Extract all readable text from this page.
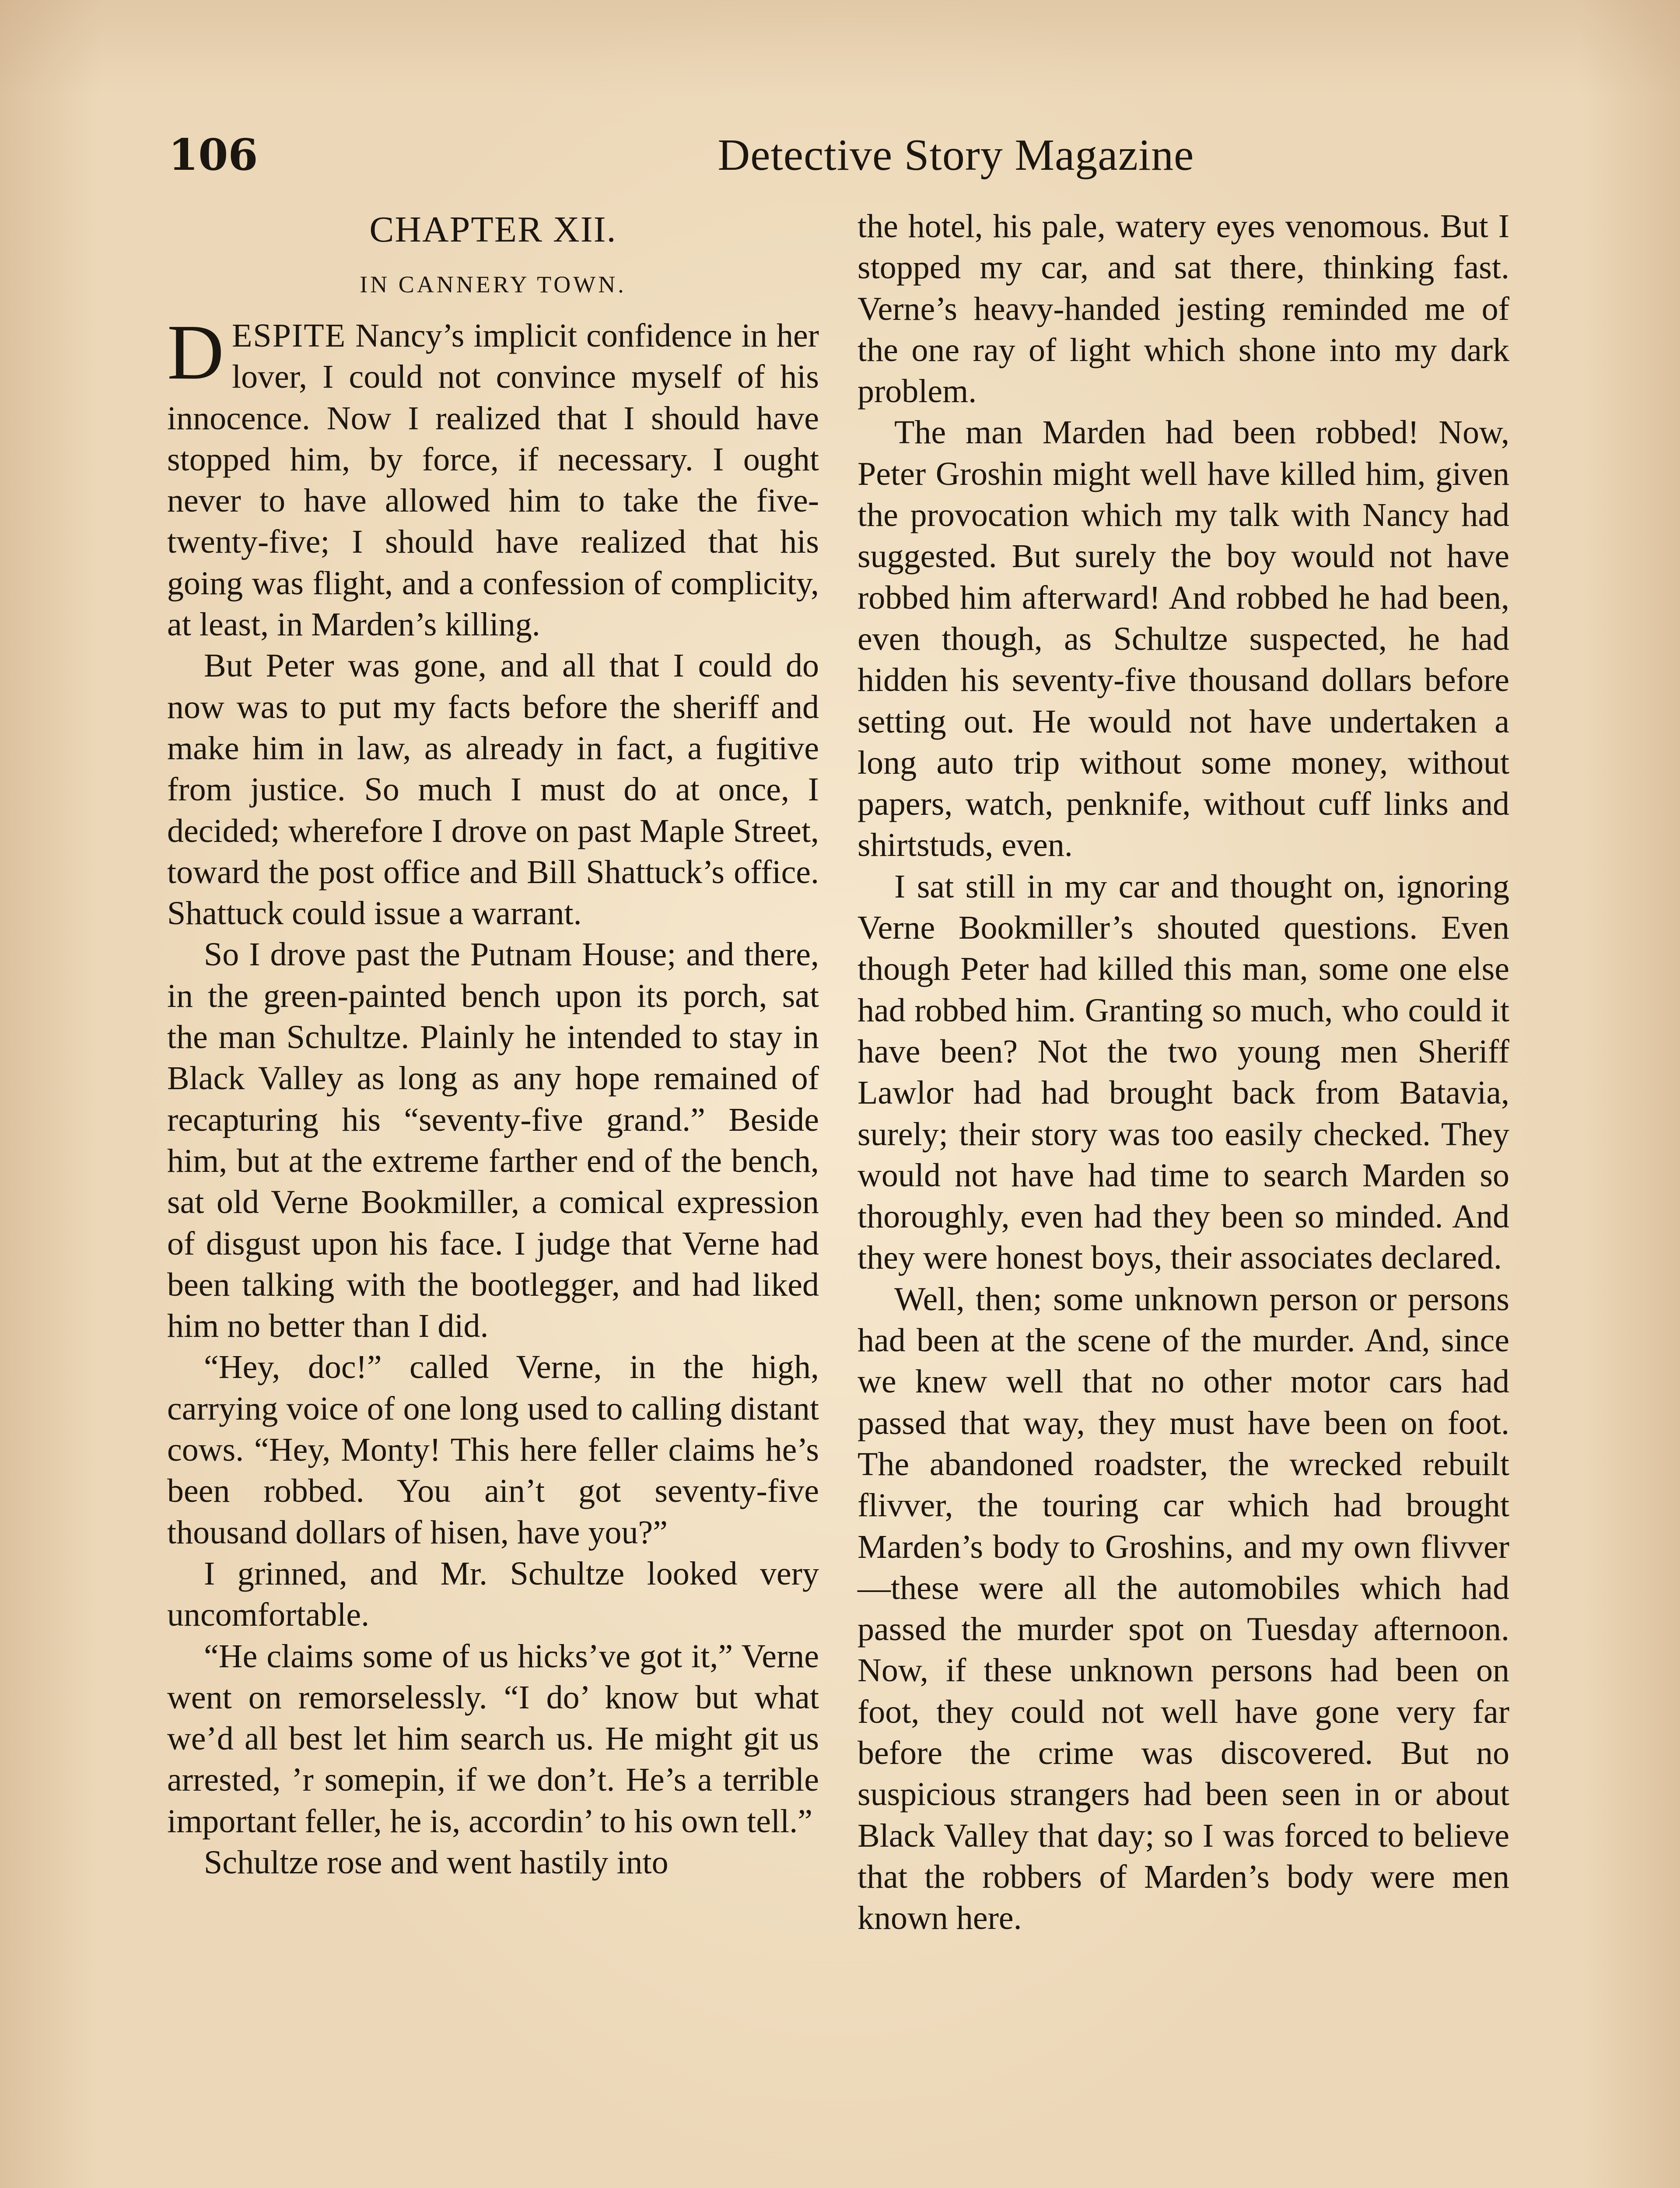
106	Detective Story Magazine
CHAPTER XII.
IN CANNERY TOWN.

DESPITE Nancy’s implicit confidence in her lover, I could not convince myself of his innocence. Now I realized that I should have stopped him, by force, if necessary. I ought never to have allowed him to take the five-twenty-five; I should have realized that his going was flight, and a confession of complicity, at least, in Marden’s killing.

But Peter was gone, and all that I could do now was to put my facts before the sheriff and make him in law, as already in fact, a fugitive from justice. So much I must do at once, I decided; wherefore I drove on past Maple Street, toward the post office and Bill Shattuck’s office. Shattuck could issue a warrant.

So I drove past the Putnam House; and there, in the green-painted bench upon its porch, sat the man Schultze. Plainly he intended to stay in Black Valley as long as any hope remained of recapturing his “seventy-five grand.” Beside him, but at the extreme farther end of the bench, sat old Verne Bookmiller, a comical expression of disgust upon his face. I judge that Verne had been talking with the bootlegger, and had liked him no better than I did.

“Hey, doc!” called Verne, in the high, carrying voice of one long used to calling distant cows. “Hey, Monty! This here feller claims he’s been robbed. You ain’t got seventy-five thousand dollars of hisen, have you?”

I grinned, and Mr. Schultze looked very uncomfortable.

“He claims some of us hicks’ve got it,” Verne went on remorselessly. “I do’ know but what we’d all best let him search us. He might git us arrested, ’r somepin, if we don’t. He’s a terrible important feller, he is, accordin’ to his own tell.”

Schultze rose and went hastily into

the hotel, his pale, watery eyes venomous. But I stopped my car, and sat there, thinking fast. Verne’s heavy-handed jesting reminded me of the one ray of light which shone into my dark problem.

The man Marden had been robbed! Now, Peter Groshin might well have killed him, given the provocation which my talk with Nancy had suggested. But surely the boy would not have robbed him afterward! And robbed he had been, even though, as Schultze suspected, he had hidden his seventy-five thousand dollars before setting out. He would not have undertaken a long auto trip without some money, without papers, watch, penknife, without cuff links and shirtstuds, even.

I sat still in my car and thought on, ignoring Verne Bookmiller’s shouted questions. Even though Peter had killed this man, some one else had robbed him. Granting so much, who could it have been? Not the two young men Sheriff Lawlor had had brought back from Batavia, surely; their story was too easily checked. They would not have had time to search Marden so thoroughly, even had they been so minded. And they were honest boys, their associates declared.

Well, then; some unknown person or persons had been at the scene of the murder. And, since we knew well that no other motor cars had passed that way, they must have been on foot. The abandoned roadster, the wrecked rebuilt flivver, the touring car which had brought Marden’s body to Groshins, and my own flivver—these were all the automobiles which had passed the murder spot on Tuesday afternoon. Now, if these unknown persons had been on foot, they could not well have gone very far before the crime was discovered. But no suspicious strangers had been seen in or about Black Valley that day; so I was forced to believe that the robbers of Marden’s body were men known here.
